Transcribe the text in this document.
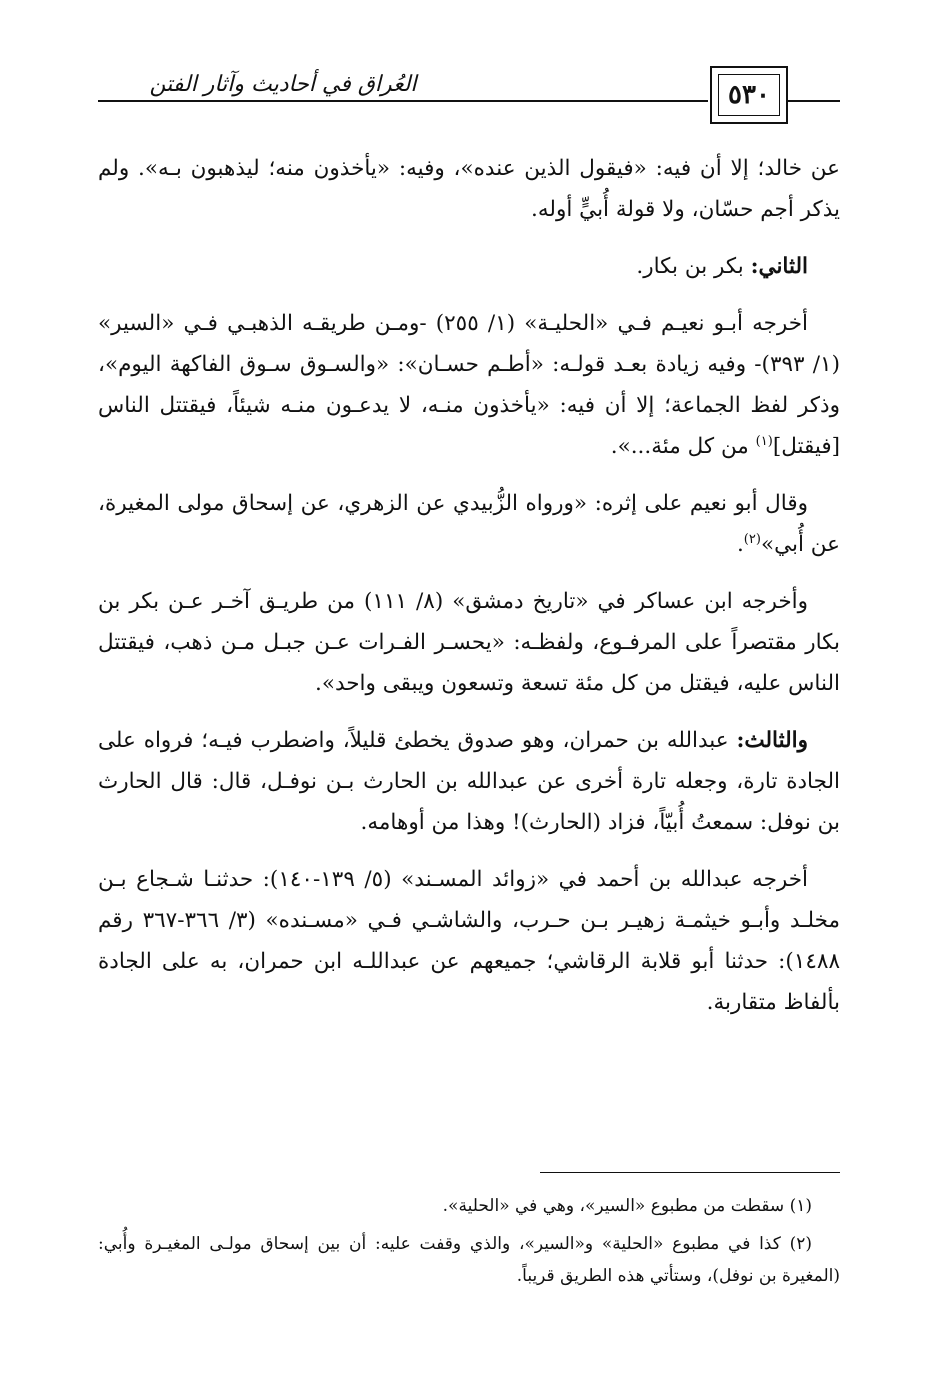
العُراق في أحاديث وآثار الفتن	٥٣٠

عن خالد؛ إلا أن فيه: «فيقول الذين عنده»، وفيه: «يأخذون منه؛ ليذهبون بـه». ولم يذكر أجم حسّان، ولا قولة أُبيٍّ أوله.

الثاني: بكر بن بكار.

أخرجه أبـو نعيـم فـي «الحليـة» (١/ ٢٥٥) -ومـن طريقـه الذهبـي فـي «السير» (١/ ٣٩٣)- وفيه زيادة بعـد قولـه: «أطـم حسـان»: «والسـوق سـوق الفاكهة اليوم»، وذكر لفظ الجماعة؛ إلا أن فيه: «يأخذون منـه، لا يدعـون منـه شيئاً، فيقتتل الناس [فيقتل]$^{(١)}$ من كل مئة...».

وقال أبو نعيم على إثره: «ورواه الزُّبيدي عن الزهري، عن إسحاق مولى المغيرة، عن أُبي»$^{(٢)}$.

وأخرجه ابن عساكر في «تاريخ دمشق» (٨/ ١١١) من طريـق آخـر عـن بكر بن بكار مقتصراً على المرفـوع، ولفظـه: «يحسـر الفـرات عـن جبـل مـن ذهب، فيقتتل الناس عليه، فيقتل من كل مئة تسعة وتسعون ويبقى واحد».

والثالث: عبدالله بن حمران، وهو صدوق يخطئ قليلاً، واضطرب فيـه؛ فرواه على الجادة تارة، وجعله تارة أخرى عن عبدالله بن الحارث بـن نوفـل، قال: قال الحارث بن نوفل: سمعتُ أُبيّاً، فزاد (الحارث)! وهذا من أوهامه.

أخرجه عبدالله بن أحمد في «زوائد المسـند» (٥/ ١٣٩-١٤٠): حدثنـا شـجاع بـن مخلـد وأبـو خيثمـة زهيـر بـن حـرب، والشاشـي فـي «مسـنده» (٣/ ٣٦٦-٣٦٧ رقم ١٤٨٨): حدثنا أبو قلابة الرقاشي؛ جميعهم عن عبداللـه ابن حمران، به على الجادة بألفاظ متقاربة.

(١) سقطت من مطبوع «السير»، وهي في «الحلية».

(٢) كذا في مطبوع «الحلية» و«السير»، والذي وقفت عليه: أن بين إسحاق مولـى المغيـرة وأُبي: (المغيرة بن نوفل)، وستأتي هذه الطريق قريباً.
